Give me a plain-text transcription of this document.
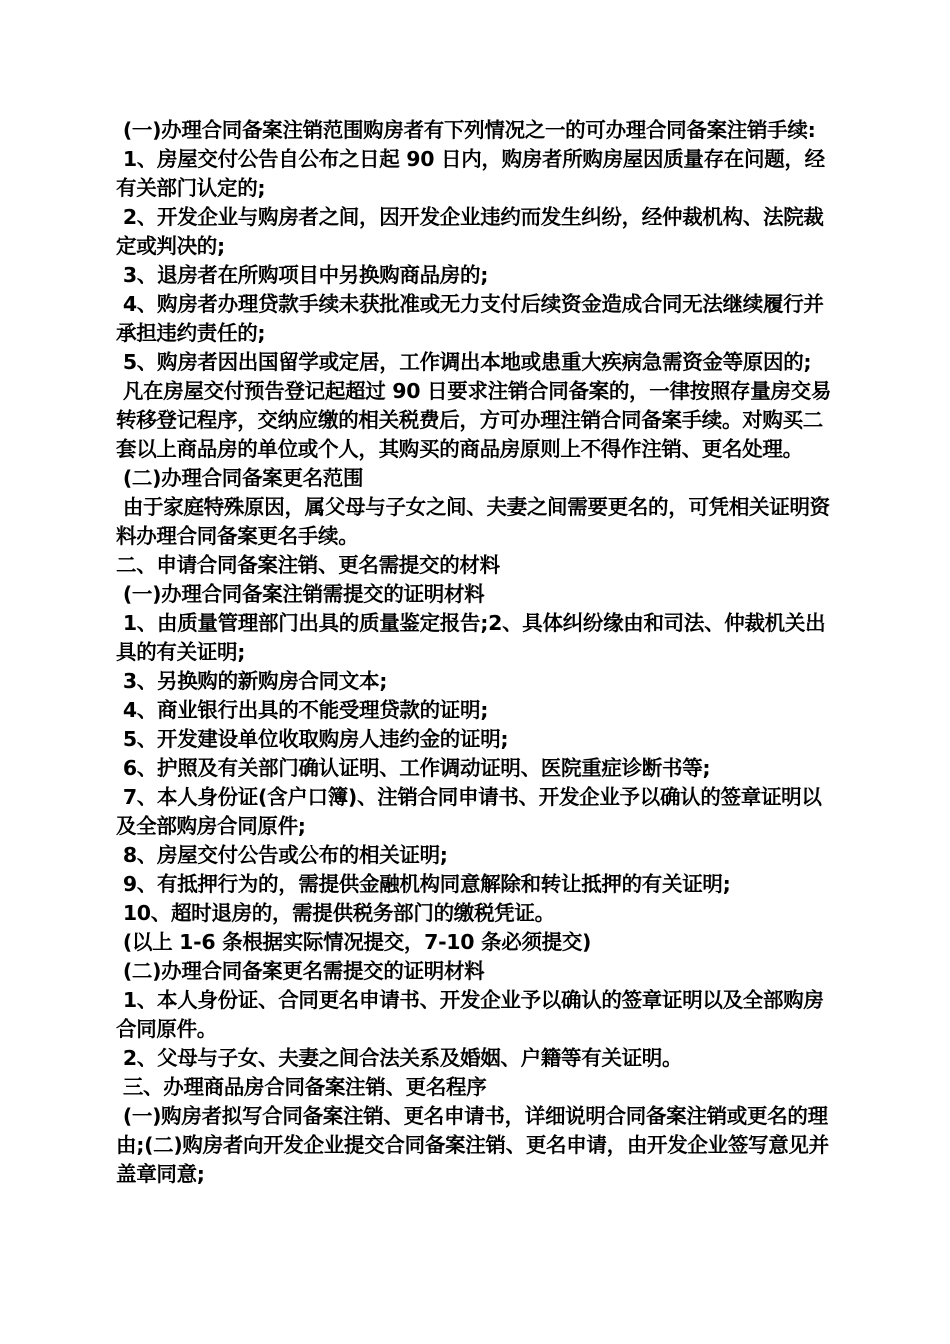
(一)办理合同备案注销范围购房者有下列情况之一的可办理合同备案注销手续:

1、房屋交付公告自公布之日起 90 日内，购房者所购房屋因质量存在问题，经有关部门认定的;

2、开发企业与购房者之间，因开发企业违约而发生纠纷，经仲裁机构、法院裁定或判决的;

3、退房者在所购项目中另换购商品房的;

4、购房者办理贷款手续未获批准或无力支付后续资金造成合同无法继续履行并承担违约责任的;

5、购房者因出国留学或定居，工作调出本地或患重大疾病急需资金等原因的;

凡在房屋交付预告登记起超过 90 日要求注销合同备案的，一律按照存量房交易转移登记程序，交纳应缴的相关税费后，方可办理注销合同备案手续。对购买二套以上商品房的单位或个人，其购买的商品房原则上不得作注销、更名处理。

(二)办理合同备案更名范围

由于家庭特殊原因，属父母与子女之间、夫妻之间需要更名的，可凭相关证明资料办理合同备案更名手续。

二、申请合同备案注销、更名需提交的材料

(一)办理合同备案注销需提交的证明材料

1、由质量管理部门出具的质量鉴定报告;2、具体纠纷缘由和司法、仲裁机关出具的有关证明;

3、另换购的新购房合同文本;

4、商业银行出具的不能受理贷款的证明;

5、开发建设单位收取购房人违约金的证明;

6、护照及有关部门确认证明、工作调动证明、医院重症诊断书等;

7、本人身份证(含户口簿)、注销合同申请书、开发企业予以确认的签章证明以及全部购房合同原件;

8、房屋交付公告或公布的相关证明;

9、有抵押行为的，需提供金融机构同意解除和转让抵押的有关证明;

10、超时退房的，需提供税务部门的缴税凭证。

(以上 1-6 条根据实际情况提交，7-10 条必须提交)

(二)办理合同备案更名需提交的证明材料

1、本人身份证、合同更名申请书、开发企业予以确认的签章证明以及全部购房合同原件。

2、父母与子女、夫妻之间合法关系及婚姻、户籍等有关证明。

三、办理商品房合同备案注销、更名程序

(一)购房者拟写合同备案注销、更名申请书，详细说明合同备案注销或更名的理由;(二)购房者向开发企业提交合同备案注销、更名申请，由开发企业签写意见并盖章同意;
